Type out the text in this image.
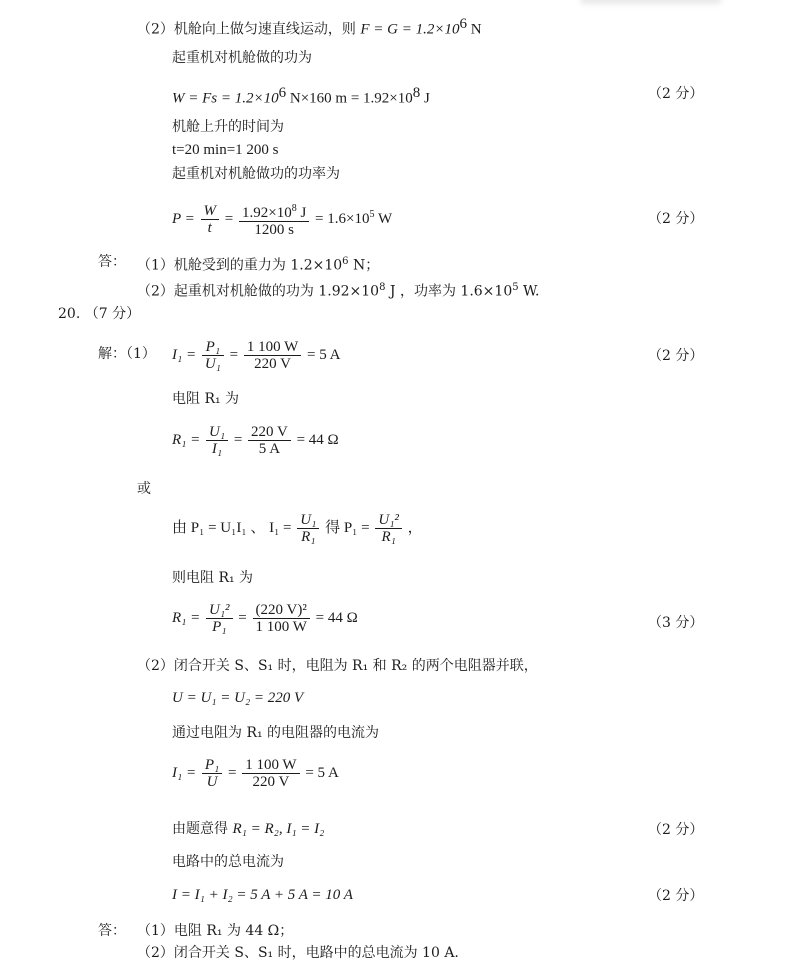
（2）机舱向上做匀速直线运动，则 $F = G = 1.2\times 10^6$ N
起重机对机舱做的功为
$W = Fs = 1.2\times 10^6$ N×160 $m = 1.92\times 10^8$ J	（2 分）
机舱上升的时间为
t=20 min=1 200 s
起重机对机舱做功的功率为
$P = \frac{W}{t} = \frac{1.92\times 10^8 J}{1200 s} = 1.6\times 10^5$ W	（2 分）
答： （1）机舱受到的重力为 $1.2\times 10^6$ N；
（2）起重机对机舱做的功为 $1.92\times 10^8$ J ，功率为 $1.6\times 10^5$ W.
20. （7 分）
解：（1） $I_1 = \frac{\text{P₁}}{\text{U₁}} = \frac{1 100 W}{220 V} = 5$ A	（2 分）
电阻 R₁ 为
$R_1 = \frac{\text{U₁}}{\text{I₁}} = \frac{220 V}{5 A} = 44$ Ω
或
由 P₁ = U₁I₁ 、 $I_1 = \frac{\text{U₁}}{\text{R₁}}$ 得 $P_1 = \frac{\text{U₁²}}{\text{R₁}}$ ，
则电阻 R₁ 为
$R_1 = \frac{\text{U₁²}}{\text{P₁}} = \frac{\text{(220 V)²}}{1 100 W} = 44$ Ω	（3 分）
（2）闭合开关 S、S₁ 时，电阻为 R₁ 和 R₂ 的两个电阻器并联，
U = U₁ = U₂ = 220 V
通过电阻为 R₁ 的电阻器的电流为
$I_1 = \frac{\text{P₁}}{U} = \frac{1 100 W}{220 V} = 5$ A
由题意得 R₁ = R₂, I₁ = I₂	（2 分）
电路中的总电流为
I = I₁ + I₂ = 5 A + 5 A = 10 A	（2 分）
答： （1）电阻 R₁ 为 44 Ω；
（2）闭合开关 S、S₁ 时，电路中的总电流为 10 A.
